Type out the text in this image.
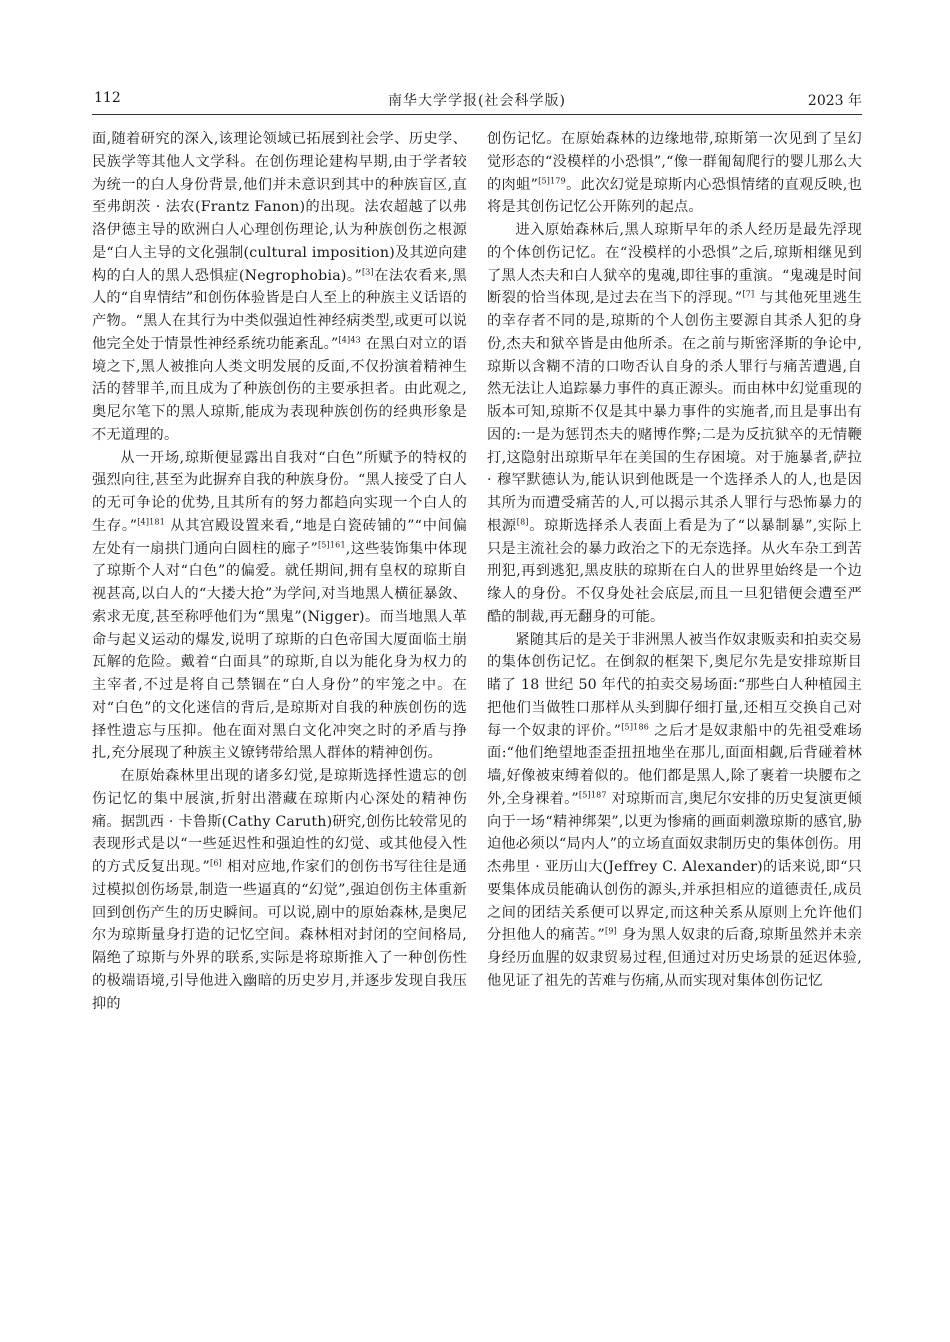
112	南华大学学报(社会科学版)	2023 年

面,随着研究的深入,该理论领域已拓展到社会学、历史学、民族学等其他人文学科。在创伤理论建构早期,由于学者较为统一的白人身份背景,他们并未意识到其中的种族盲区,直至弗朗茨 · 法农(Frantz Fanon)的出现。法农超越了以弗洛伊德主导的欧洲白人心理创伤理论,认为种族创伤之根源是“白人主导的文化强制(cultural imposition)及其逆向建构的白人的黑人恐惧症(Negrophobia)。”[3]在法农看来,黑人的“自卑情结”和创伤体验皆是白人至上的种族主义话语的产物。“黑人在其行为中类似强迫性神经病类型,或更可以说他完全处于情景性神经系统功能紊乱。”$^{[4]43}$ 在黑白对立的语境之下,黑人被推向人类文明发展的反面,不仅扮演着精神生活的替罪羊,而且成为了种族创伤的主要承担者。由此观之,奥尼尔笔下的黑人琼斯,能成为表现种族创伤的经典形象是不无道理的。

从一开场,琼斯便显露出自我对“白色”所赋予的特权的强烈向往,甚至为此摒弃自我的种族身份。“黑人接受了白人的无可争论的优势,且其所有的努力都趋向实现一个白人的生存。”$^{[4]181}$ 从其宫殿设置来看,“地是白瓷砖铺的”“中间偏左处有一扇拱门通向白圆柱的廊子”$^{[5]161}$,这些装饰集中体现了琼斯个人对“白色”的偏爱。就任期间,拥有皇权的琼斯自视甚高,以白人的“大搂大抢”为学问,对当地黑人横征暴敛、索求无度,甚至称呼他们为“黑鬼”(Nigger)。而当地黑人革命与起义运动的爆发,说明了琼斯的白色帝国大厦面临土崩瓦解的危险。戴着“白面具”的琼斯,自以为能化身为权力的主宰者,不过是将自己禁锢在“白人身份”的牢笼之中。在对“白色”的文化迷信的背后,是琼斯对自我的种族创伤的选择性遗忘与压抑。他在面对黑白文化冲突之时的矛盾与挣扎,充分展现了种族主义镣铐带给黑人群体的精神创伤。

在原始森林里出现的诸多幻觉,是琼斯选择性遗忘的创伤记忆的集中展演,折射出潜藏在琼斯内心深处的精神伤痛。据凯西 · 卡鲁斯(Cathy Caruth)研究,创伤比较常见的表现形式是以“一些延迟性和强迫性的幻觉、或其他侵入性的方式反复出现。”[6] 相对应地,作家们的创伤书写往往是通过模拟创伤场景,制造一些逼真的“幻觉”,强迫创伤主体重新回到创伤产生的历史瞬间。可以说,剧中的原始森林,是奥尼尔为琼斯量身打造的记忆空间。森林相对封闭的空间格局,隔绝了琼斯与外界的联系,实际是将琼斯推入了一种创伤性的极端语境,引导他进入幽暗的历史岁月,并逐步发现自我压抑的

创伤记忆。在原始森林的边缘地带,琼斯第一次见到了呈幻觉形态的“没模样的小恐惧”,“像一群匍匐爬行的婴儿那么大的肉蛆”$^{[5]179}$。此次幻觉是琼斯内心恐惧情绪的直观反映,也将是其创伤记忆公开陈列的起点。

进入原始森林后,黑人琼斯早年的杀人经历是最先浮现的个体创伤记忆。在“没模样的小恐惧”之后,琼斯相继见到了黑人杰夫和白人狱卒的鬼魂,即往事的重演。“鬼魂是时间断裂的恰当体现,是过去在当下的浮现。”[7] 与其他死里逃生的幸存者不同的是,琼斯的个人创伤主要源自其杀人犯的身份,杰夫和狱卒皆是由他所杀。在之前与斯密泽斯的争论中,琼斯以含糊不清的口吻否认自身的杀人罪行与痛苦遭遇,自然无法让人追踪暴力事件的真正源头。而由林中幻觉重现的版本可知,琼斯不仅是其中暴力事件的实施者,而且是事出有因的:一是为惩罚杰夫的赌博作弊;二是为反抗狱卒的无情鞭打,这隐射出琼斯早年在美国的生存困境。对于施暴者,萨拉 · 穆罕默德认为,能认识到他既是一个选择杀人的人,也是因其所为而遭受痛苦的人,可以揭示其杀人罪行与恐怖暴力的根源[8]。琼斯选择杀人表面上看是为了“以暴制暴”,实际上只是主流社会的暴力政治之下的无奈选择。从火车杂工到苦刑犯,再到逃犯,黑皮肤的琼斯在白人的世界里始终是一个边缘人的身份。不仅身处社会底层,而且一旦犯错便会遭至严酷的制裁,再无翻身的可能。

紧随其后的是关于非洲黑人被当作奴隶贩卖和拍卖交易的集体创伤记忆。在倒叙的框架下,奥尼尔先是安排琼斯目睹了 18 世纪 50 年代的拍卖交易场面:“那些白人种植园主把他们当做牲口那样从头到脚仔细打量,还相互交换自己对每一个奴隶的评价。”$^{[5]186}$ 之后才是奴隶船中的先祖受难场面:“他们绝望地歪歪扭扭地坐在那儿,面面相觑,后背碰着林墙,好像被束缚着似的。他们都是黑人,除了裹着一块腰布之外,全身裸着。”$^{[5]187}$ 对琼斯而言,奥尼尔安排的历史复演更倾向于一场“精神绑架”,以更为惨痛的画面刺激琼斯的感官,胁迫他必须以“局内人”的立场直面奴隶制历史的集体创伤。用杰弗里 · 亚历山大(Jeffrey C. Alexander)的话来说,即“只要集体成员能确认创伤的源头,并承担相应的道德责任,成员之间的团结关系便可以界定,而这种关系从原则上允许他们分担他人的痛苦。”[9] 身为黑人奴隶的后裔,琼斯虽然并未亲身经历血腥的奴隶贸易过程,但通过对历史场景的延迟体验,他见证了祖先的苦难与伤痛,从而实现对集体创伤记忆
